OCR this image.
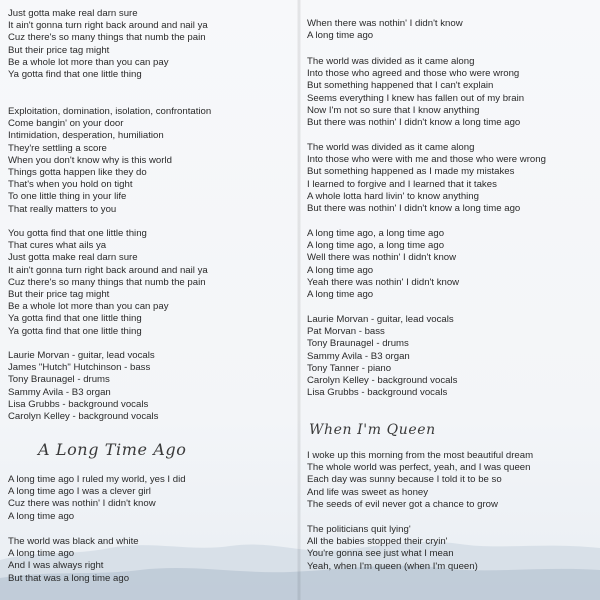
Just gotta make real darn sure
It ain't gonna turn right back around and nail ya
Cuz there's so many things that numb the pain
But their price tag might
Be a whole lot more than you can pay
Ya gotta find that one little thing
Exploitation, domination, isolation, confrontation
Come bangin' on your door
Intimidation, desperation, humiliation
They're settling a score
When you don't know why is this world
Things gotta happen like they do
That's when you hold on tight
To one little thing in your life
That really matters to you
You gotta find that one little thing
That cures what ails ya
Just gotta make real darn sure
It ain't gonna turn right back around and nail ya
Cuz there's so many things that numb the pain
But their price tag might
Be a whole lot more than you can pay
Ya gotta find that one little thing
Ya gotta find that one little thing
Laurie Morvan - guitar, lead vocals
James "Hutch" Hutchinson - bass
Tony Braunagel - drums
Sammy Avila - B3 organ
Lisa Grubbs - background vocals
Carolyn Kelley - background vocals
A Long Time Ago
A long time ago I ruled my world, yes I did
A long time ago I was a clever girl
Cuz there was nothin' I didn't know
A long time ago
The world was black and white
A long time ago
And I was always right
But that was a long time ago
When there was nothin' I didn't know
A long time ago
The world was divided as it came along
Into those who agreed and those who were wrong
But something happened that I can't explain
Seems everything I knew has fallen out of my brain
Now I'm not so sure that I know anything
But there was nothin' I didn't know a long time ago
The world was divided as it came along
Into those who were with me and those who were wrong
But something happened as I made my mistakes
I learned to forgive and I learned that it takes
A whole lotta hard livin' to know anything
But there was nothin' I didn't know a long time ago
A long time ago, a long time ago
A long time ago, a long time ago
Well there was nothin' I didn't know
A long time ago
Yeah there was nothin' I didn't know
A long time ago
Laurie Morvan - guitar, lead vocals
Pat Morvan - bass
Tony Braunagel - drums
Sammy Avila - B3 organ
Tony Tanner - piano
Carolyn Kelley - background vocals
Lisa Grubbs - background vocals
When I'm Queen
I woke up this morning from the most beautiful dream
The whole world was perfect, yeah, and I was queen
Each day was sunny because I told it to be so
And life was sweet as honey
The seeds of evil never got a chance to grow
The politicians quit lying'
All the babies stopped their cryin'
You're gonna see just what I mean
Yeah, when I'm queen (when I'm queen)
